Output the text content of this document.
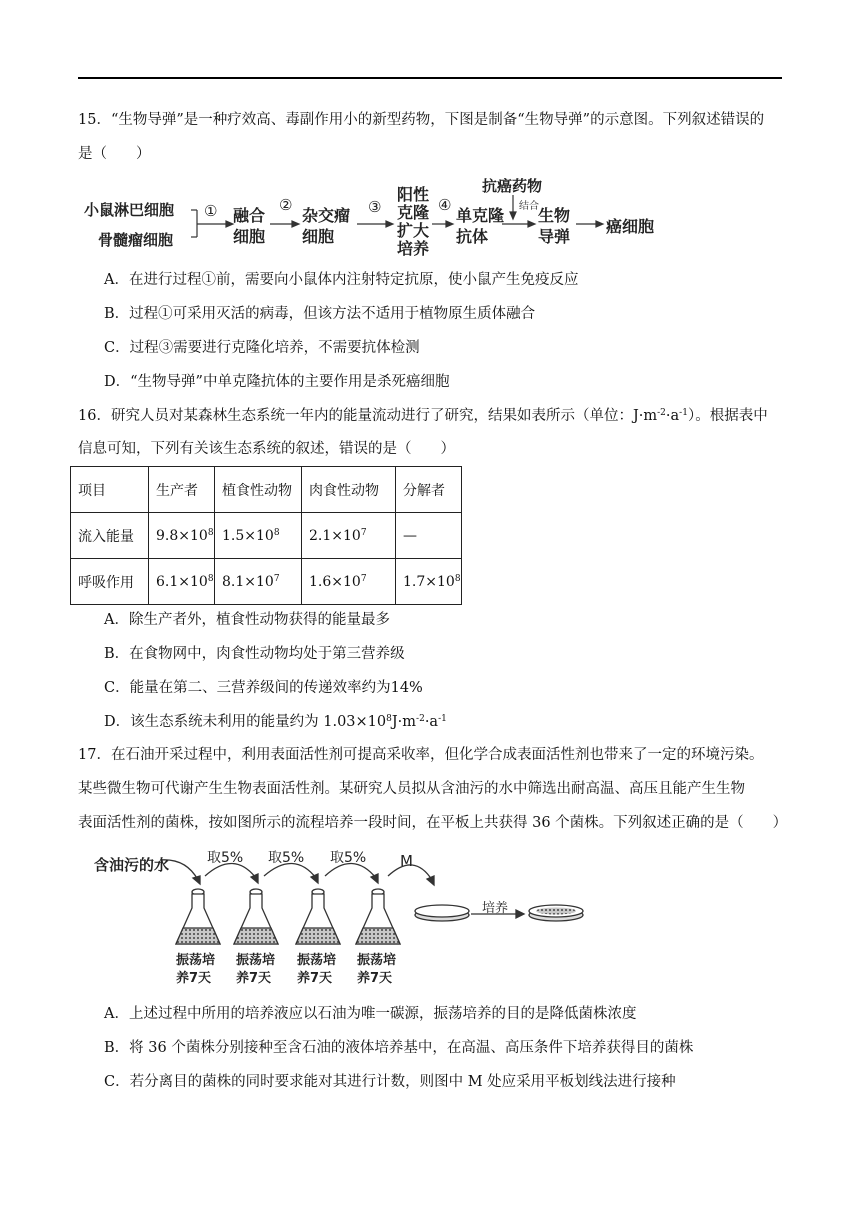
15．“生物导弹”是一种疗效高、毒副作用小的新型药物，下图是制备“生物导弹”的示意图。下列叙述错误的
是（　　）
小鼠淋巴细胞
骨髓瘤细胞
① 融合
细胞
②
杂交瘤
细胞
③
阳性
克隆
扩大
培养
④
单克隆
抗体
抗癌药物
结合 生物
导弹
癌细胞
A．在进行过程①前，需要向小鼠体内注射特定抗原，使小鼠产生免疫反应
B．过程①可采用灭活的病毒，但该方法不适用于植物原生质体融合
C．过程③需要进行克隆化培养，不需要抗体检测
D．“生物导弹”中单克隆抗体的主要作用是杀死癌细胞
16．研究人员对某森林生态系统一年内的能量流动进行了研究，结果如表所示（单位：$J\cdot m^{-2}\cdot a^{-1}$）。根据表中
信息可知，下列有关该生态系统的叙述，错误的是（　　）
项目	生产者	植食性动物	肉食性动物	分解者
流入能量	$9.8\times 10^8$	$1.5\times 10^8$	$2.1\times 10^7$	—
呼吸作用	$6.1\times 10^8$	$8.1\times 10^7$	$1.6\times 10^7$	$1.7\times 10^8$
A．除生产者外，植食性动物获得的能量最多
B．在食物网中，肉食性动物均处于第三营养级
C．能量在第二、三营养级间的传递效率约为14%
D．该生态系统未利用的能量约为 $1.03\times 10^8J\cdot m^{-2}\cdot a^{-1}$
17．在石油开采过程中，利用表面活性剂可提高采收率，但化学合成表面活性剂也带来了一定的环境污染。
某些微生物可代谢产生生物表面活性剂。某研究人员拟从含油污的水中筛选出耐高温、高压且能产生生物
表面活性剂的菌株，按如图所示的流程培养一段时间，在平板上共获得 36 个菌株。下列叙述正确的是（　　）
含油污的水	取5% 取5% 取5% M
培养
振荡培
养7天
振荡培
养7天
振荡培
养7天
振荡培
养7天
A．上述过程中所用的培养液应以石油为唯一碳源，振荡培养的目的是降低菌株浓度
B．将 36 个菌株分别接种至含石油的液体培养基中，在高温、高压条件下培养获得目的菌株
C．若分离目的菌株的同时要求能对其进行计数，则图中 M 处应采用平板划线法进行接种
